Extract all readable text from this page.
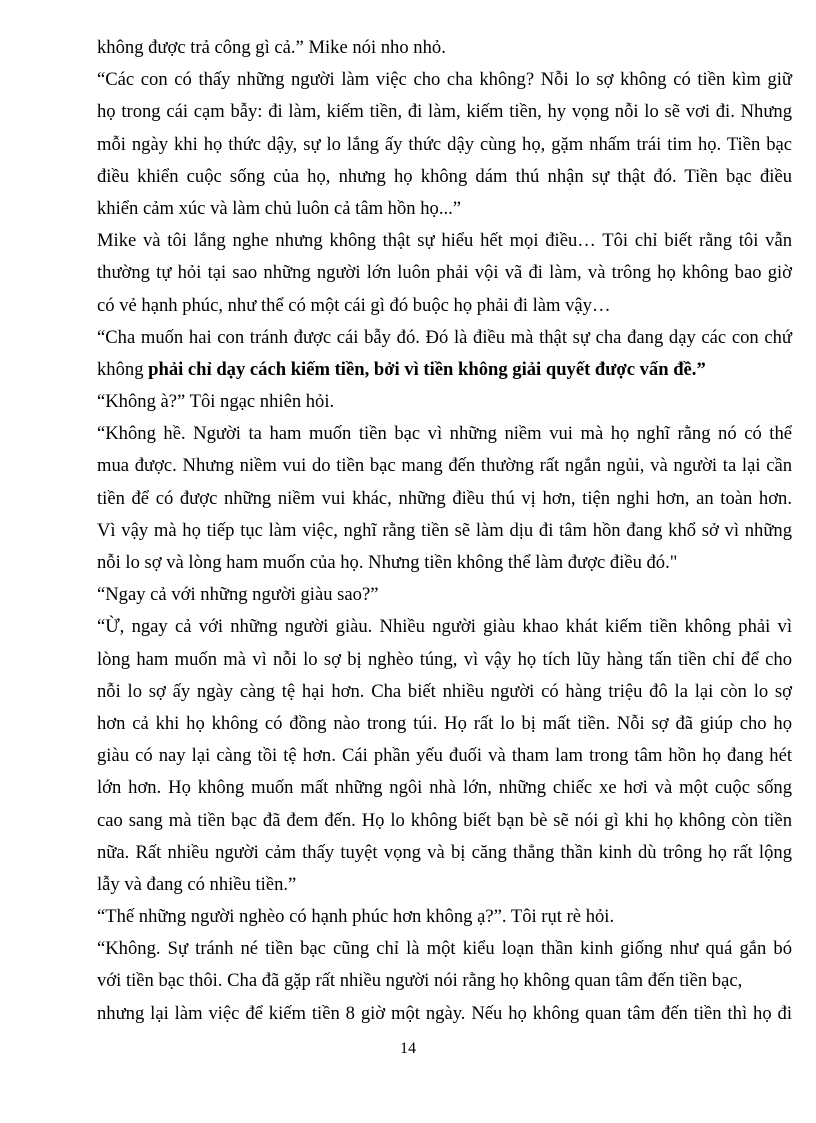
không được trả công gì cả.” Mike nói nho nhỏ.
“Các con có thấy những người làm việc cho cha không? Nỗi lo sợ không có tiền kìm giữ
họ trong cái cạm bẫy: đi làm, kiếm tiền, đi làm, kiếm tiền, hy vọng nỗi lo sẽ vơi đi. Nhưng
mỗi ngày khi họ thức dậy, sự lo lắng ấy thức dậy cùng họ, gặm nhấm trái tim họ. Tiền bạc
điều khiển cuộc sống của họ, nhưng họ không dám thú nhận sự thật đó. Tiền bạc điều
khiển cảm xúc và làm chủ luôn cả tâm hồn họ...”
Mike và tôi lắng nghe nhưng không thật sự hiểu hết mọi điều… Tôi chỉ biết rằng tôi vẫn
thường tự hỏi tại sao những người lớn luôn phải vội vã đi làm, và trông họ không bao giờ
có vẻ hạnh phúc, như thể có một cái gì đó buộc họ phải đi làm vậy…
“Cha muốn hai con tránh được cái bẫy đó. Đó là điều mà thật sự cha đang dạy các con chứ
không phải chỉ dạy cách kiếm tiền, bởi vì tiền không giải quyết được vấn đề.”
“Không à?” Tôi ngạc nhiên hỏi.
“Không hề. Người ta ham muốn tiền bạc vì những niềm vui mà họ nghĩ rằng nó có thể
mua được. Nhưng niềm vui do tiền bạc mang đến thường rất ngắn ngủi, và người ta lại cần
tiền để có được những niềm vui khác, những điều thú vị hơn, tiện nghi hơn, an toàn hơn.
Vì vậy mà họ tiếp tục làm việc, nghĩ rằng tiền sẽ làm dịu đi tâm hồn đang khổ sở vì những
nỗi lo sợ và lòng ham muốn của họ. Nhưng tiền không thể làm được điều đó."
“Ngay cả với những người giàu sao?”
“Ừ, ngay cả với những người giàu. Nhiều người giàu khao khát kiếm tiền không phải vì
lòng ham muốn mà vì nỗi lo sợ bị nghèo túng, vì vậy họ tích lũy hàng tấn tiền chỉ để cho
nỗi lo sợ ấy ngày càng tệ hại hơn. Cha biết nhiều người có hàng triệu đô la lại còn lo sợ
hơn cả khi họ không có đồng nào trong túi. Họ rất lo bị mất tiền. Nỗi sợ đã giúp cho họ
giàu có nay lại càng tồi tệ hơn. Cái phần yếu đuối và tham lam trong tâm hồn họ đang hét
lớn hơn. Họ không muốn mất những ngôi nhà lớn, những chiếc xe hơi và một cuộc sống
cao sang mà tiền bạc đã đem đến. Họ lo không biết bạn bè sẽ nói gì khi họ không còn tiền
nữa. Rất nhiều người cảm thấy tuyệt vọng và bị căng thẳng thần kinh dù trông họ rất lộng
lẫy và đang có nhiều tiền.”
“Thế những người nghèo có hạnh phúc hơn không ạ?”. Tôi rụt rè hỏi.
“Không. Sự tránh né tiền bạc cũng chỉ là một kiểu loạn thần kinh giống như quá gắn bó
với tiền bạc thôi. Cha đã gặp rất nhiều người nói rằng họ không quan tâm đến tiền bạc,
nhưng lại làm việc để kiếm tiền 8 giờ một ngày. Nếu họ không quan tâm đến tiền thì họ đi
14
